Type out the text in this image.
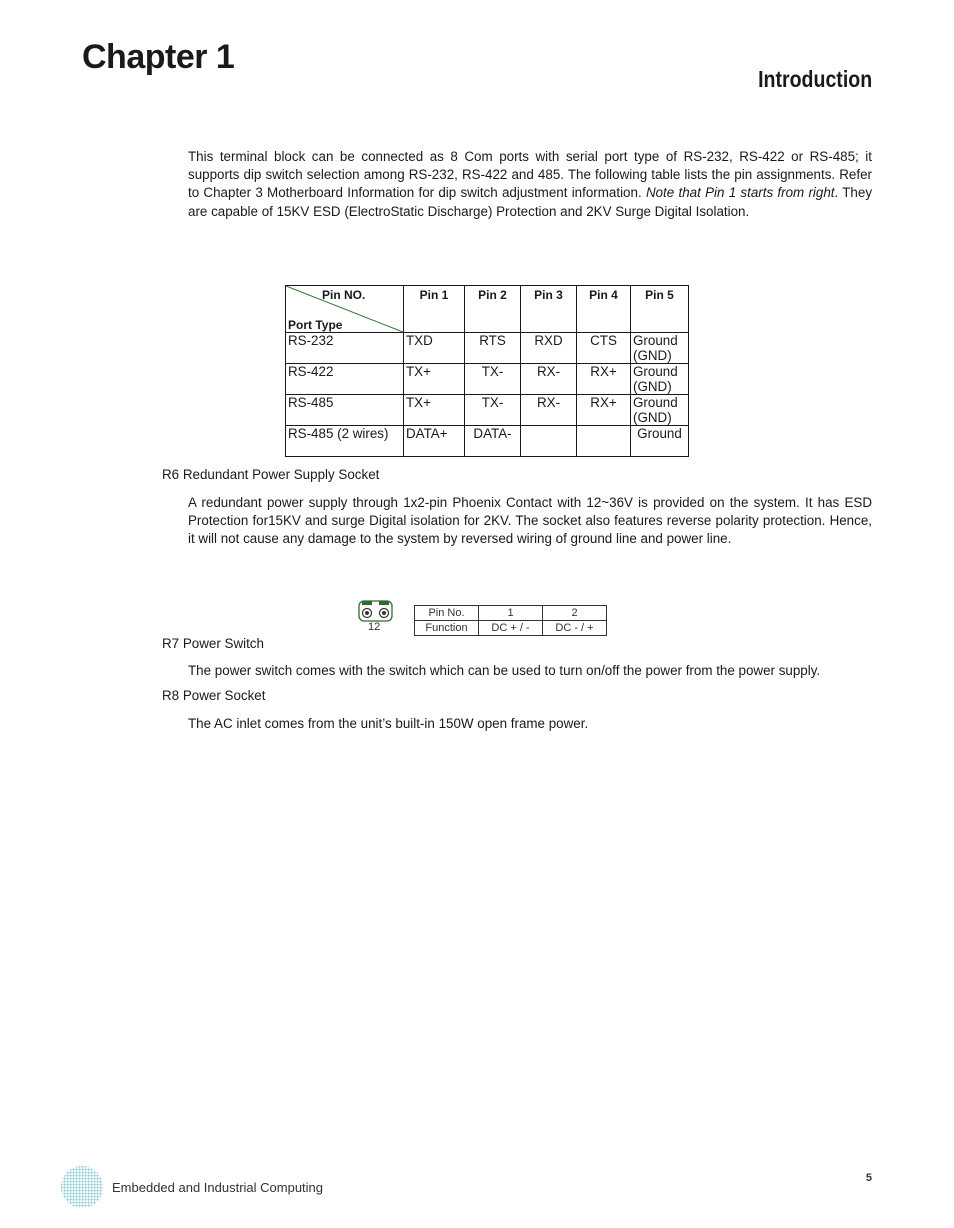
Chapter 1
Introduction

This terminal block can be connected as 8 Com ports with serial port type of RS-232, RS-422 or RS-485; it supports dip switch selection among RS-232, RS-422 and 485. The following table lists the pin assignments. Refer to Chapter 3 Motherboard Information for dip switch adjustment information. Note that Pin 1 starts from right. They are capable of 15KV ESD (ElectroStatic Discharge) Protection and 2KV Surge Digital Isolation.

Pin NO.
Port Type	Pin 1	Pin 2	Pin 3	Pin 4	Pin 5
RS-232	TXD	RTS	RXD	CTS	Ground (GND)
RS-422	TX+	TX-	RX-	RX+	Ground (GND)
RS-485	TX+	TX-	RX-	RX+	Ground (GND)
RS-485 (2 wires)	DATA+	DATA-			Ground
R6 Redundant Power Supply Socket

A redundant power supply through 1x2-pin Phoenix Contact with 12~36V is provided on the system. It has ESD Protection for15KV and surge Digital isolation for 2KV. The socket also features reverse polarity protection. Hence, it will not cause any damage to the system by reversed wiring of ground line and power line.

12
Pin No.	1	2
Function	DC + / -	DC - / +
R7 Power Switch

The power switch comes with the switch which can be used to turn on/off the power from the power supply.

R8 Power Socket

The AC inlet comes from the unit’s built-in 150W open frame power.

Embedded and Industrial Computing
5
